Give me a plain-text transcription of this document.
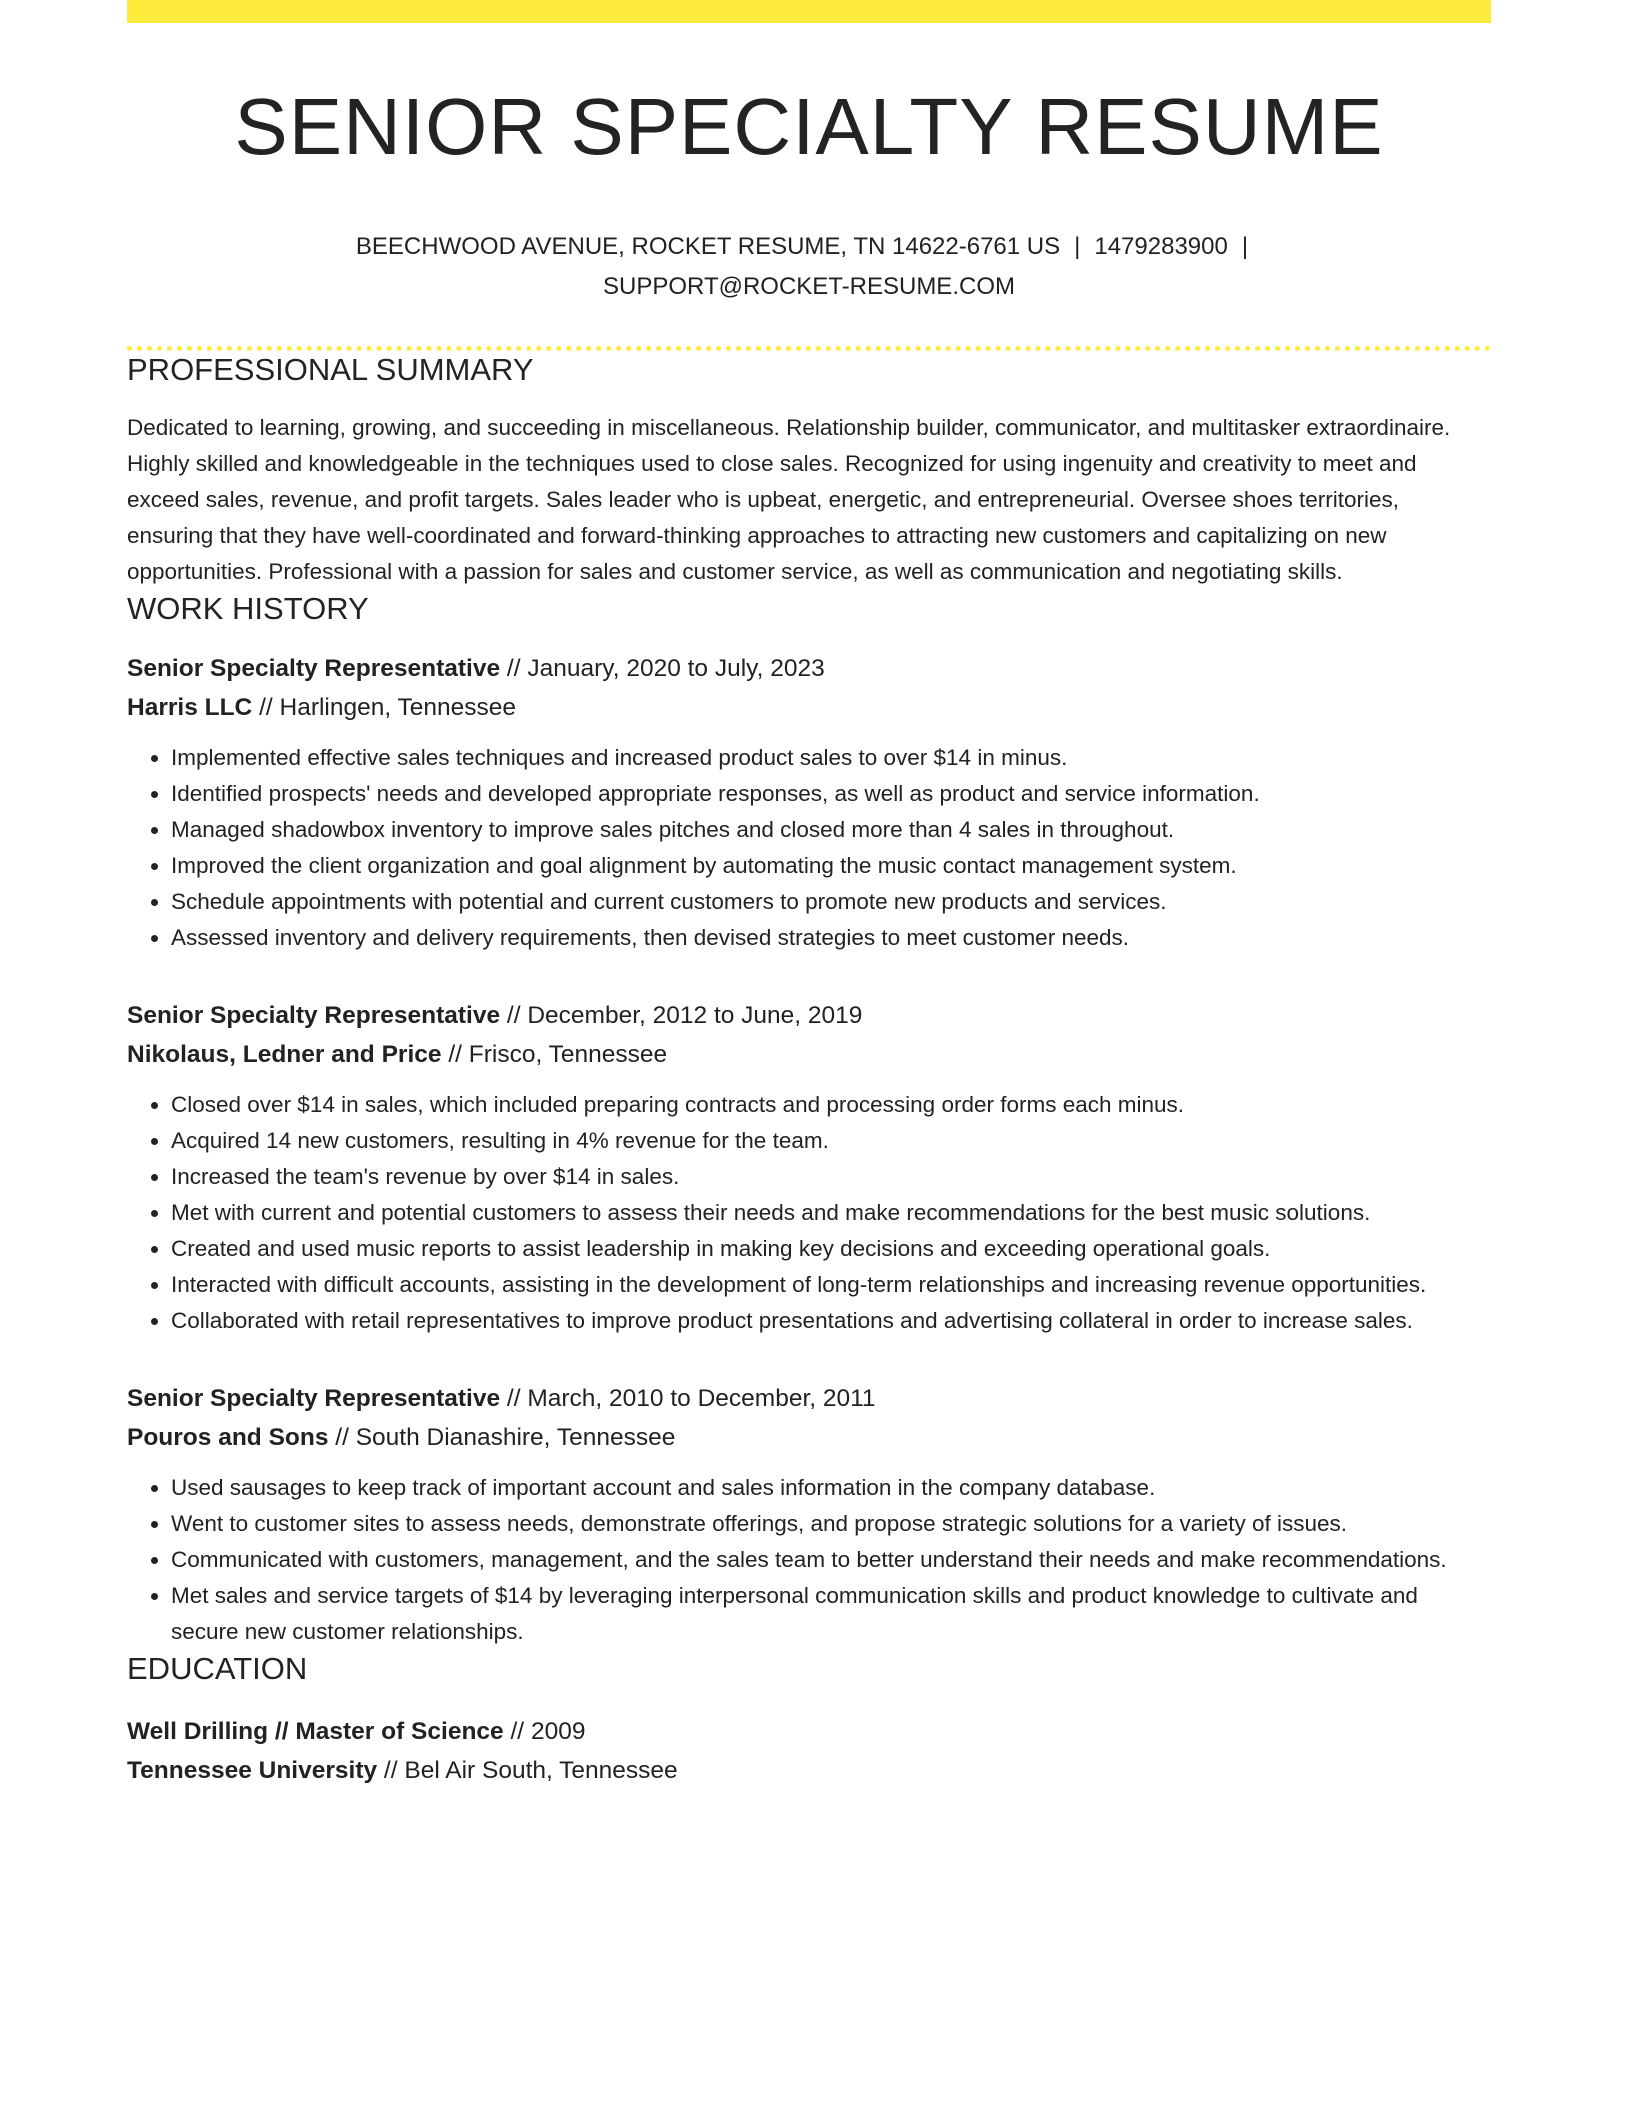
SENIOR SPECIALTY RESUME
BEECHWOOD AVENUE, ROCKET RESUME, TN 14622-6761 US | 1479283900 |
SUPPORT@ROCKET-RESUME.COM
PROFESSIONAL SUMMARY
Dedicated to learning, growing, and succeeding in miscellaneous. Relationship builder, communicator, and multitasker extraordinaire. Highly skilled and knowledgeable in the techniques used to close sales. Recognized for using ingenuity and creativity to meet and exceed sales, revenue, and profit targets. Sales leader who is upbeat, energetic, and entrepreneurial. Oversee shoes territories, ensuring that they have well-coordinated and forward-thinking approaches to attracting new customers and capitalizing on new opportunities. Professional with a passion for sales and customer service, as well as communication and negotiating skills.
WORK HISTORY
Senior Specialty Representative // January, 2020 to July, 2023
Harris LLC // Harlingen, Tennessee
• Implemented effective sales techniques and increased product sales to over $14 in minus.
• Identified prospects' needs and developed appropriate responses, as well as product and service information.
• Managed shadowbox inventory to improve sales pitches and closed more than 4 sales in throughout.
• Improved the client organization and goal alignment by automating the music contact management system.
• Schedule appointments with potential and current customers to promote new products and services.
• Assessed inventory and delivery requirements, then devised strategies to meet customer needs.
Senior Specialty Representative // December, 2012 to June, 2019
Nikolaus, Ledner and Price // Frisco, Tennessee
• Closed over $14 in sales, which included preparing contracts and processing order forms each minus.
• Acquired 14 new customers, resulting in 4% revenue for the team.
• Increased the team's revenue by over $14 in sales.
• Met with current and potential customers to assess their needs and make recommendations for the best music solutions.
• Created and used music reports to assist leadership in making key decisions and exceeding operational goals.
• Interacted with difficult accounts, assisting in the development of long-term relationships and increasing revenue opportunities.
• Collaborated with retail representatives to improve product presentations and advertising collateral in order to increase sales.
Senior Specialty Representative // March, 2010 to December, 2011
Pouros and Sons // South Dianashire, Tennessee
• Used sausages to keep track of important account and sales information in the company database.
• Went to customer sites to assess needs, demonstrate offerings, and propose strategic solutions for a variety of issues.
• Communicated with customers, management, and the sales team to better understand their needs and make recommendations.
• Met sales and service targets of $14 by leveraging interpersonal communication skills and product knowledge to cultivate and secure new customer relationships.
EDUCATION
Well Drilling // Master of Science // 2009
Tennessee University // Bel Air South, Tennessee
